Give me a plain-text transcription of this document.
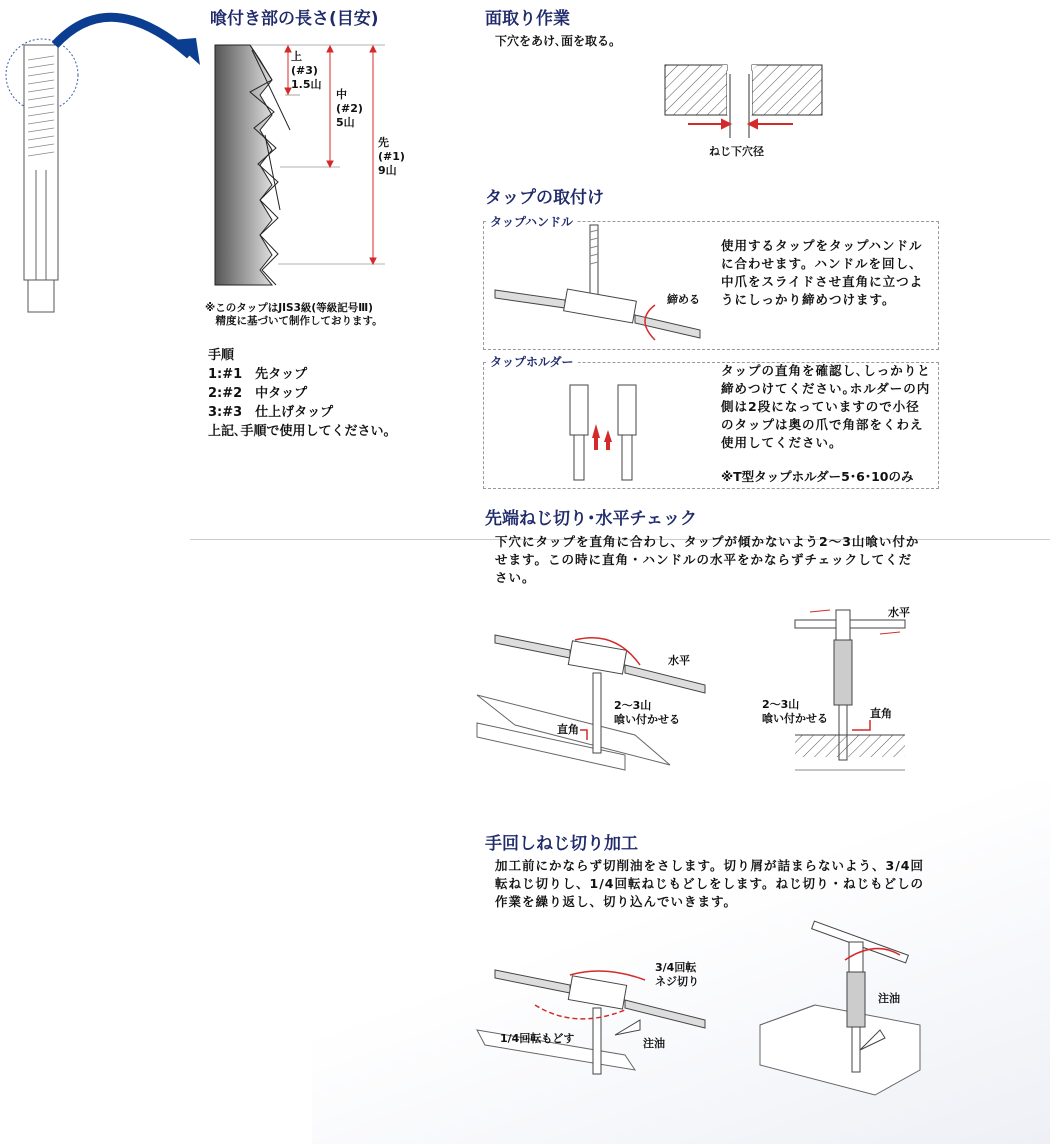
喰付き部の長さ(目安)
上
(#3)
1.5山
中
(#2)
5山
先
(#1)
9山
※このタップはJIS3級(等級記号Ⅲ)
　精度に基づいて制作しております。
手順
1:#1　先タップ
2:#2　中タップ
3:#3　仕上げタップ
上記､手順で使用してください。
面取り作業
下穴をあけ､面を取る。
ねじ下穴径
タップの取付け
タップハンドル
締める
使用するタップをタップハンドルに合わせます。ハンドルを回し、中爪をスライドさせ直角に立つようにしっかり締めつけます。
タップホルダー
タップの直角を確認し､しっかりと締めつけてください｡ホルダーの内側は2段になっていますので小径のタップは奥の爪で角部をくわえ使用してください。
※T型タップホルダー5･6･10のみ
先端ねじ切り･水平チェック
下穴にタップを直角に合わし、タップが傾かないよう2〜3山喰い付かせます。この時に直角・ハンドルの水平をかならずチェックしてください。
水平
2〜3山
喰い付かせる
直角
水平
2〜3山
喰い付かせる	直角
手回しねじ切り加工
加工前にかならず切削油をさします。切り屑が詰まらないよう、3/4回転ねじ切りし、1/4回転ねじもどしをします。ねじ切り・ねじもどしの作業を繰り返し、切り込んでいきます。
3/4回転
ネジ切り
1/4回転もどす	注油
注油
